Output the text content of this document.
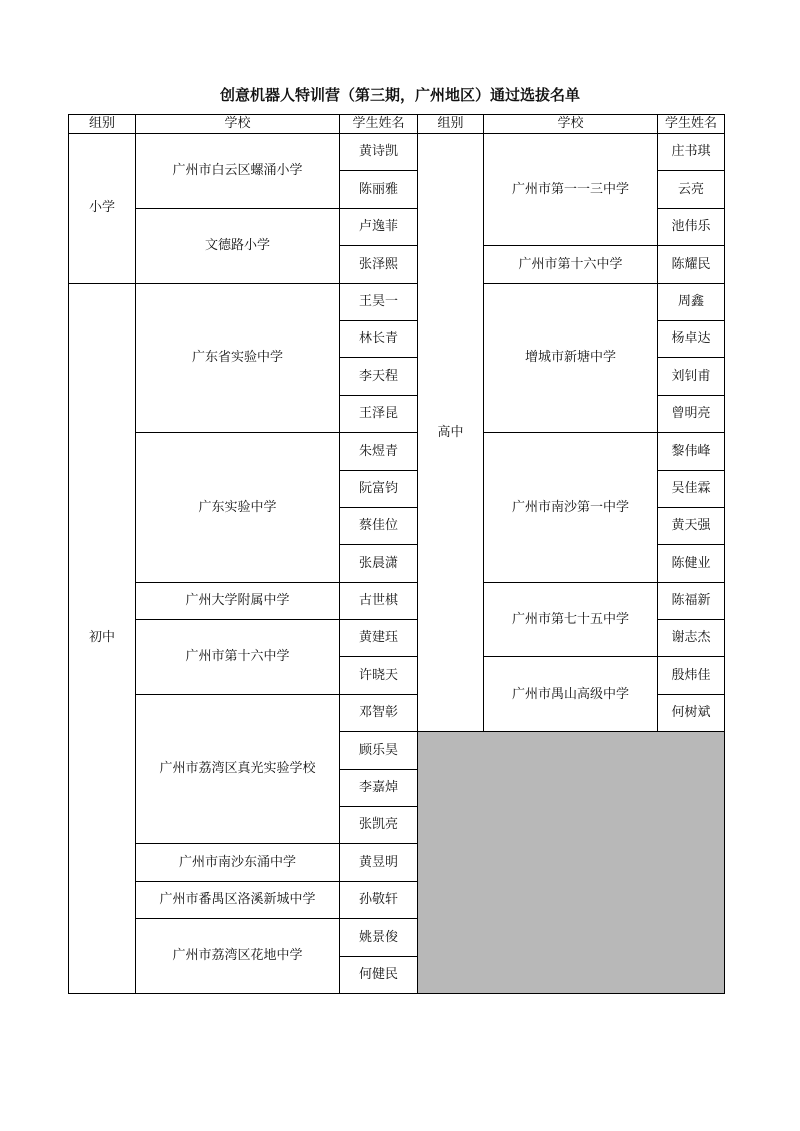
创意机器人特训营（第三期，广州地区）通过选拔名单
组别	学校	学生姓名	组别	学校	学生姓名
小学	广州市白云区螺涌小学	黄诗凯	高中	广州市第一一三中学	庄书琪
		陈丽雅			云亮
	文德路小学	卢逸菲			池伟乐
		张泽熙		广州市第十六中学	陈耀民
初中	广东省实验中学	王昊一		增城市新塘中学	周鑫
		林长青			杨卓达
		李天程			刘钊甫
		王泽昆			曾明亮
	广东实验中学	朱煜青		广州市南沙第一中学	黎伟峰
		阮富钧			吴佳霖
		蔡佳位			黄天强
		张晨潇			陈健业
	广州大学附属中学	古世棋		广州市第七十五中学	陈福新
	广州市第十六中学	黄建珏			谢志杰
		许晓天		广州市禺山高级中学	殷炜佳
	广州市荔湾区真光实验学校	邓智彰			何树斌
		顾乐昊			
		李嘉焯			
		张凯亮			
	广州市南沙东涌中学	黄昱明			
	广州市番禺区洛溪新城中学	孙敬轩			
	广州市荔湾区花地中学	姚景俊			
		何健民			
